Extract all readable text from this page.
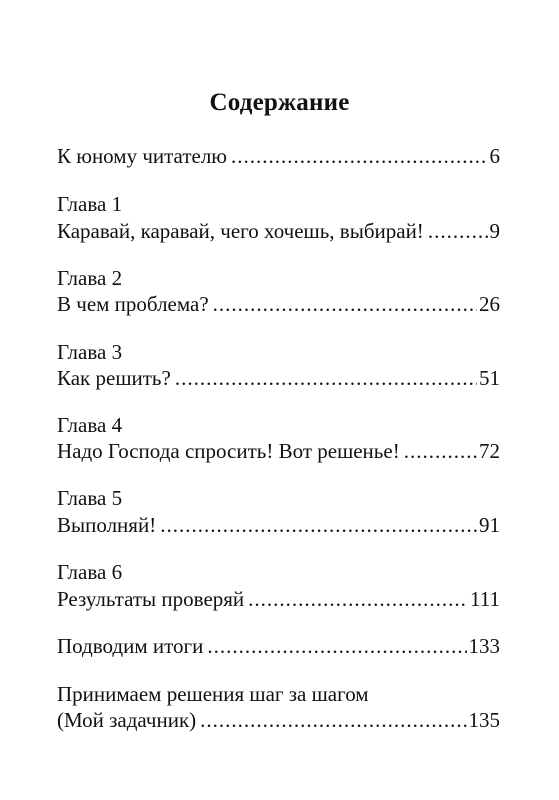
Содержание
К юному читателю .....	6
Глава 1
Каравай, каравай, чего хочешь, выбирай! .....	9
Глава 2
В чем проблема? .....	26
Глава 3
Как решить? .....	51
Глава 4
Надо Господа спросить! Вот решенье! .....	72
Глава 5
Выполняй! .....	91
Глава 6
Результаты проверяй .....	111
Подводим итоги .....	133
Принимаем решения шаг за шагом
(Мой задачник) .....	135
